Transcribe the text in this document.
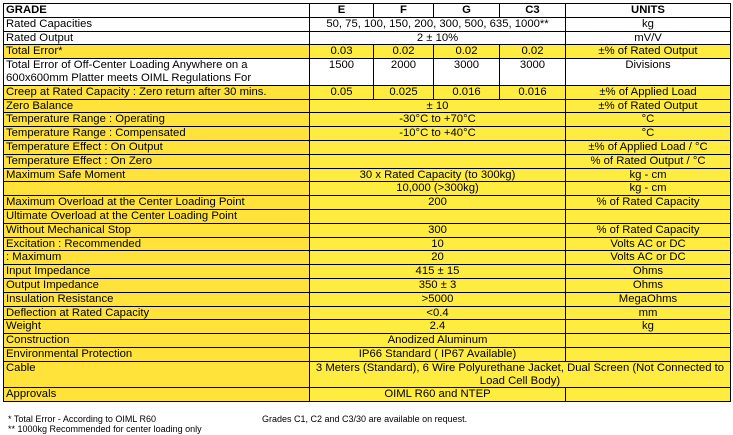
GRADE	E	F	G	C3	UNITS
Rated Capacities	50, 75, 100, 150, 200, 300, 500, 635, 1000**				kg
Rated Output	2 ± 10%				mV/V
Total Error*	0.03	0.02	0.02	0.02	±% of Rated Output
Total Error of Off-Center Loading Anywhere on a 600x600mm Platter meets OIML Regulations For	1500	2000	3000	3000	Divisions
Creep at Rated Capacity : Zero return after 30 mins.	0.05	0.025	0.016	0.016	±% of Applied Load
Zero Balance	± 10				±% of Rated Output
Temperature Range : Operating	-30°C to +70°C				°C
Temperature Range : Compensated	-10°C to +40°C				°C
Temperature Effect : On Output					±% of Applied Load / °C
Temperature Effect : On Zero					% of Rated Output / °C
Maximum Safe Moment	30 x Rated Capacity (to 300kg)				kg - cm
	10,000 (>300kg)				kg - cm
Maximum Overload at the Center Loading Point	200				% of Rated Capacity
Ultimate Overload at the Center Loading Point					
Without Mechanical Stop	300				% of Rated Capacity
Excitation : Recommended	10				Volts AC or DC
: Maximum	20				Volts AC or DC
Input Impedance	415 ± 15				Ohms
Output Impedance	350 ± 3				Ohms
Insulation Resistance	>5000				MegaOhms
Deflection at Rated Capacity	<0.4				mm
Weight	2.4				kg
Construction	Anodized Aluminum				
Environmental Protection	IP66 Standard ( IP67 Available)				
Cable	3 Meters (Standard), 6 Wire Polyurethane Jacket, Dual Screen (Not Connected to Load Cell Body)				
Approvals	OIML R60 and NTEP				
* Total Error - According to OIML R60
** 1000kg Recommended for center loading only
Grades C1, C2 and C3/30 are available on request.
